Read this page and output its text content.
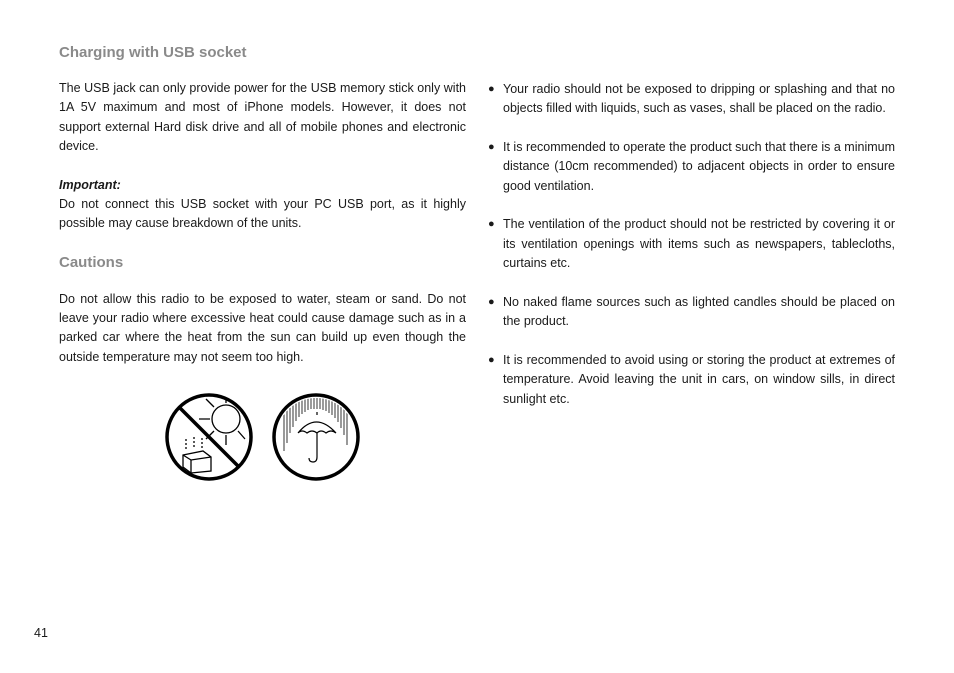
Charging with USB socket

The USB jack can only provide power for the USB memory stick only with 1A 5V maximum and most of iPhone models. However, it does not support external Hard disk drive and all of mobile phones and electronic device.

Important:

Do not connect this USB socket with your PC USB port, as it highly possible may cause breakdown of the units.

Cautions

Do not allow this radio to be exposed to water, steam or sand. Do not leave your radio where excessive heat could cause damage such as in a parked car where the heat from the sun can build up even though the outside temperature may not seem too high.

● Your radio should not be exposed to dripping or splashing and that no objects filled with liquids, such as vases, shall be placed on the radio.
● It is recommended to operate the product such that there is a minimum distance (10cm recommended) to adjacent objects in order to ensure good ventilation.
● The ventilation of the product should not be restricted by covering it or its ventilation openings with items such as newspapers, tablecloths, curtains etc.
● No naked flame sources such as lighted candles should be placed on the product.
● It is recommended to avoid using or storing the product at extremes of temperature. Avoid leaving the unit in cars, on window sills, in direct sunlight etc.
41
